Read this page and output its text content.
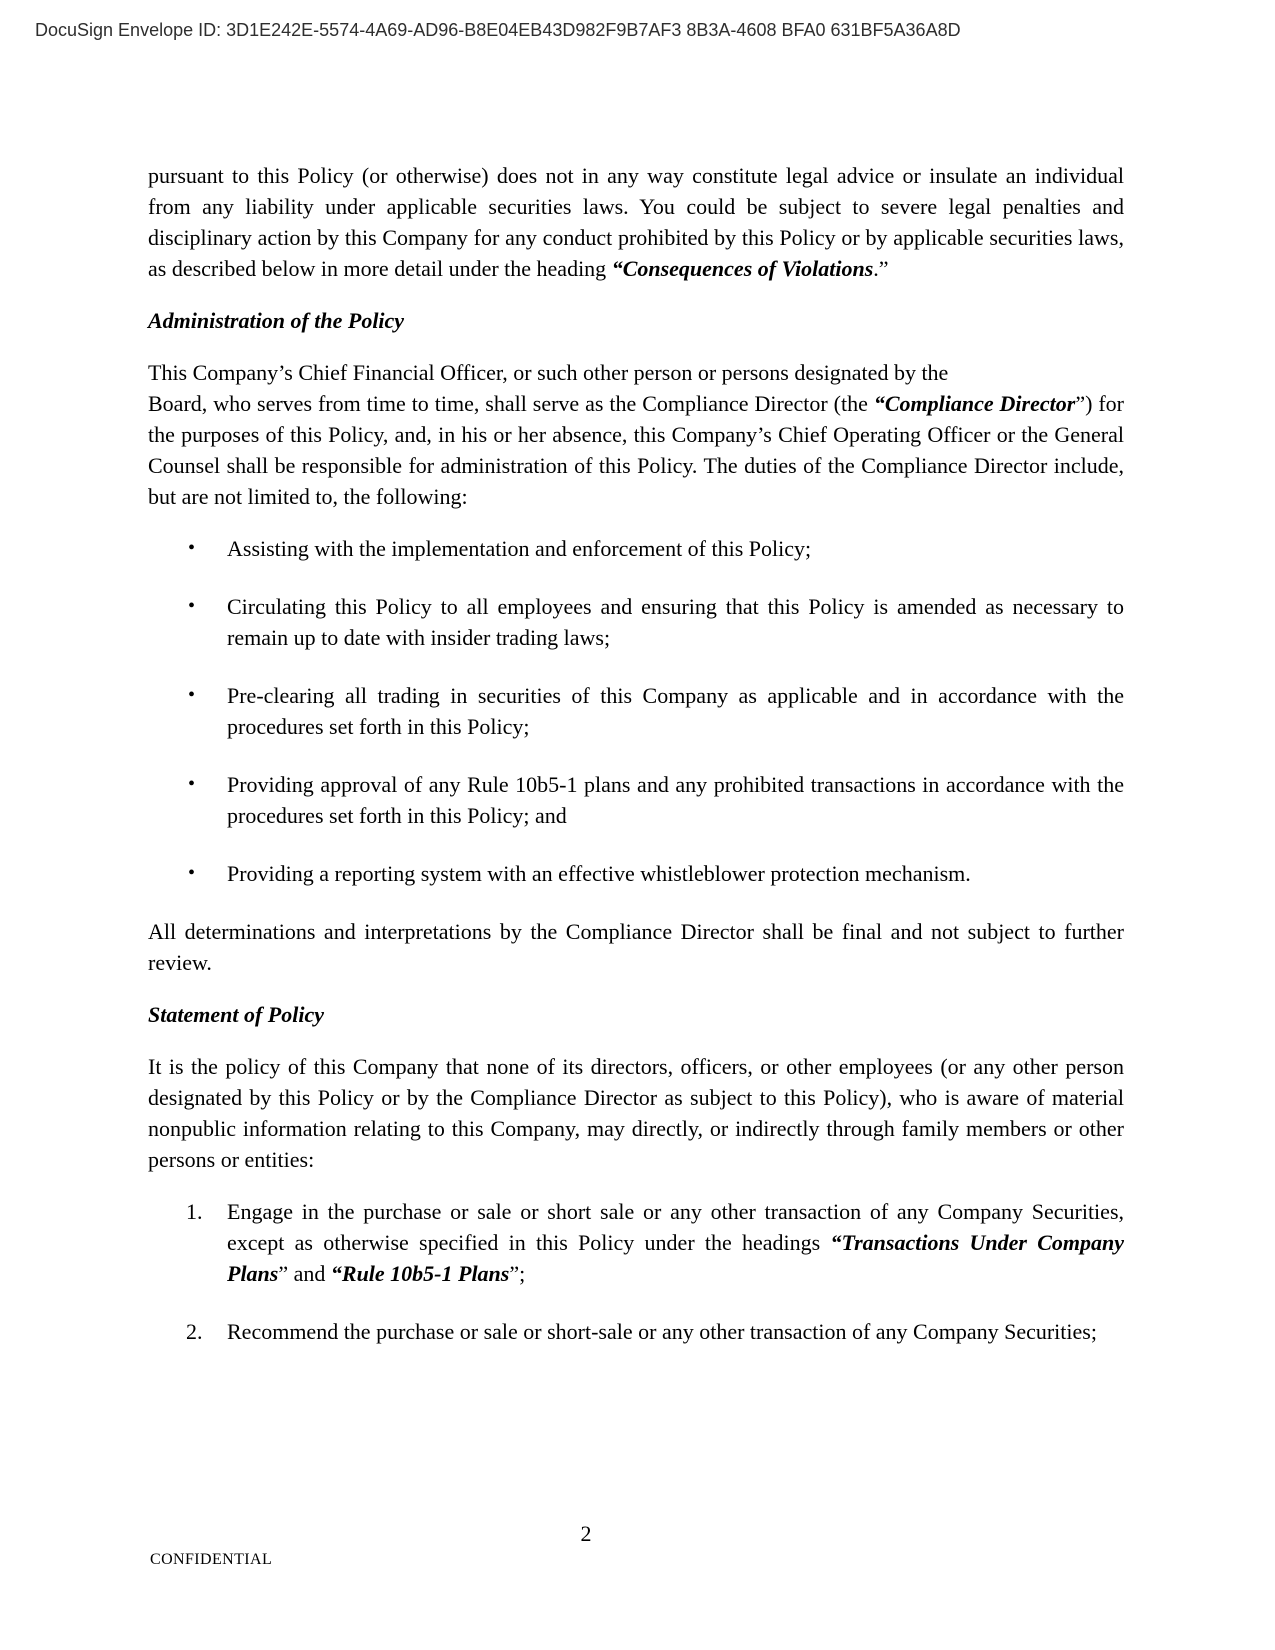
DocuSign Envelope ID: 3D1E242E-5574-4A69-AD96-B8E04EB43D982F9B7AF3 8B3A-4608 BFA0 631BF5A36A8D

pursuant to this Policy (or otherwise) does not in any way constitute legal advice or insulate an individual from any liability under applicable securities laws. You could be subject to severe legal penalties and disciplinary action by this Company for any conduct prohibited by this Policy or by applicable securities laws, as described below in more detail under the heading “Consequences of Violations.”

Administration of the Policy

This Company’s Chief Financial Officer, or such other person or persons designated by the
Board, who serves from time to time, shall serve as the Compliance Director (the “Compliance Director”) for the purposes of this Policy, and, in his or her absence, this Company’s Chief Operating Officer or the General Counsel shall be responsible for administration of this Policy. The duties of the Compliance Director include, but are not limited to, the following:

• Assisting with the implementation and enforcement of this Policy;
• Circulating this Policy to all employees and ensuring that this Policy is amended as necessary to remain up to date with insider trading laws;
• Pre-clearing all trading in securities of this Company as applicable and in accordance with the procedures set forth in this Policy;
• Providing approval of any Rule 10b5-1 plans and any prohibited transactions in accordance with the procedures set forth in this Policy; and
• Providing a reporting system with an effective whistleblower protection mechanism.

All determinations and interpretations by the Compliance Director shall be final and not subject to further review.

Statement of Policy

It is the policy of this Company that none of its directors, officers, or other employees (or any other person designated by this Policy or by the Compliance Director as subject to this Policy), who is aware of material nonpublic information relating to this Company, may directly, or indirectly through family members or other persons or entities:

1. Engage in the purchase or sale or short sale or any other transaction of any Company Securities, except as otherwise specified in this Policy under the headings “Transactions Under Company Plans” and “Rule 10b5-1 Plans”;
2. Recommend the purchase or sale or short-sale or any other transaction of any Company Securities;
2
CONFIDENTIAL
